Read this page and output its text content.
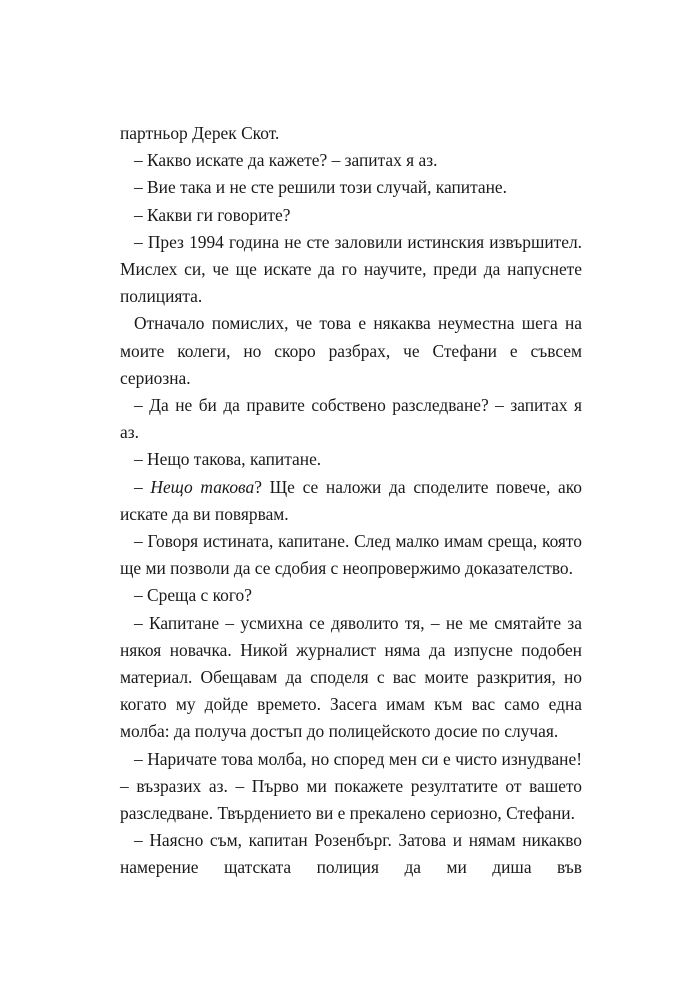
партньор Дерек Скот.

– Какво искате да кажете? – запитах я аз.

– Вие така и не сте решили този случай, капитане.

– Какви ги говорите?

– През 1994 година не сте заловили истинския извършител. Мислех си, че ще искате да го научите, преди да напуснете полицията.

Отначало помислих, че това е някаква неуместна шега на моите колеги, но скоро разбрах, че Стефани е съвсем сериозна.

– Да не би да правите собствено разследване? – запитах я аз.

– Нещо такова, капитане.

– Нещо такова? Ще се наложи да споделите повече, ако искате да ви повярвам.

– Говоря истината, капитане. След малко имам среща, която ще ми позволи да се сдобия с неопровержимо доказателство.

– Среща с кого?

– Капитане – усмихна се дяволито тя, – не ме смятайте за някоя новачка. Никой журналист няма да изпусне подобен материал. Обещавам да споделя с вас моите разкрития, но когато му дойде времето. Засега имам към вас само една молба: да получа достъп до полицейското досие по случая.

– Наричате това молба, но според мен си е чисто изнудване! – възразих аз. – Първо ми покажете резултатите от вашето разследване. Твърдението ви е прекалено сериозно, Стефани.

– Наясно съм, капитан Розенбърг. Затова и нямам никакво намерение щатската полиция да ми диша във
